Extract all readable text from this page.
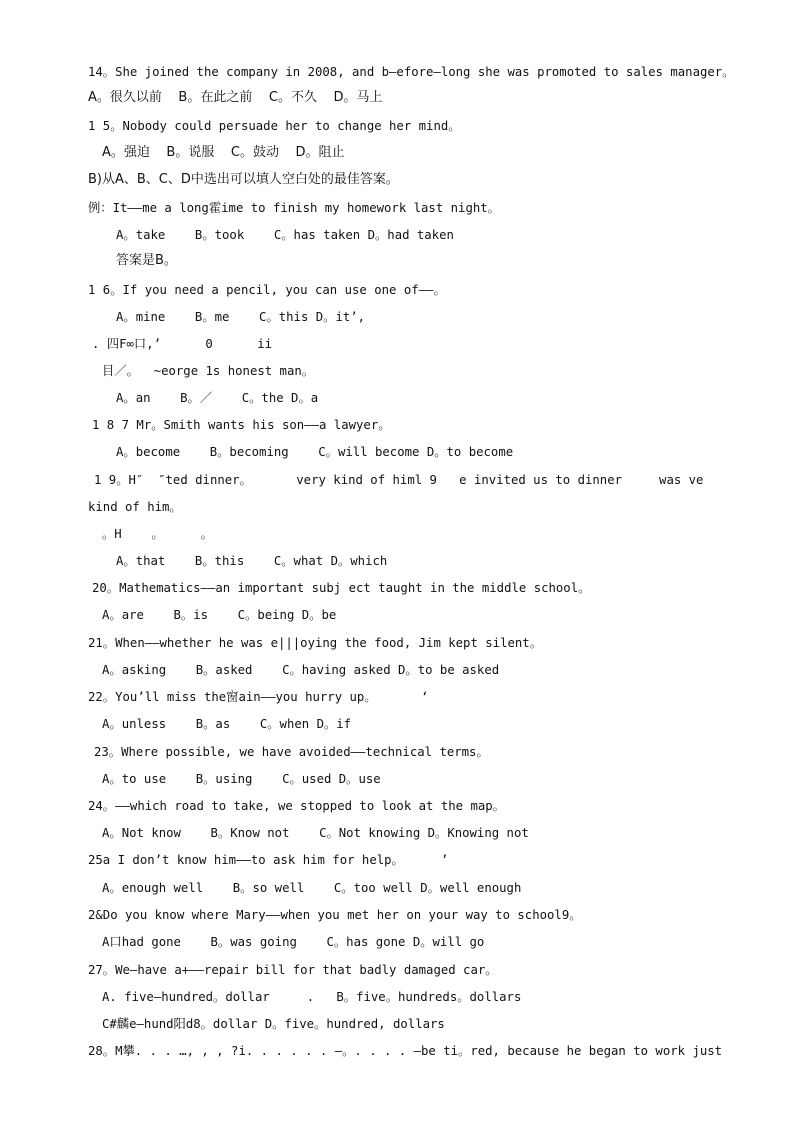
14。She joined the company in 2008, and b—efore—long she was promoted to sales manager。
A。很久以前    B。在此之前    C。不久    D。马上
1 5。Nobody could persuade her to change her mind。
A。强迫    B。说服    C。鼓动    D。阻止
B)从A、B、C、D中选出可以填人空白处的最佳答案。
例：It——me a long霍ime to finish my homework last night。
A。take    B。took    C。has taken D。had taken
答案是B。
1 6。If you need a pencil, you can use one of——。
A。mine    B。me    C。this D。it’,
. 四F∞口,’      0      ii
目／。  ~eorge 1s honest man。
A。an    B。／    C。the D。a
1 8 7 Mr。Smith wants his son——a lawyer。
A。become    B。becoming    C。will become D。to become
1 9。H″  ″ted dinner。      very kind of himl 9   e invited us to dinner     was ve
kind of him。
。H    。     。
A。that    B。this    C。what D。which
20。Mathematics——an important subj ect taught in the middle school。
A。are    B。is    C。being D。be
21。When——whether he was e|||oying the food, Jim kept silent。
A。asking    B。asked    C。having asked D。to be asked
22。You’ll miss the窗ain——you hurry up。      ‘
A。unless    B。as    C。when D。if
23。Where possible, we have avoided——technical terms。
A。to use    B。using    C。used D。use
24。——which road to take, we stopped to look at the map。
A。Not know    B。Know not    C。Not knowing D。Knowing not
25a I don’t know him——to ask him for help。     ’
A。enough well    B。so well    C。too well D。well enough
2&Do you know where Mary——when you met her on your way to school9。
A口had gone    B。was going    C。has gone D。will go
27。We—have a+——repair bill for that badly damaged car。
A. five—hundred。dollar     .   B。five。hundreds。dollars
C#麟e—hund阳d8。dollar D。five。hundred, dollars
28。M攀. . . …, , , ?i. . . . . . —。. . . . —be ti。red, because he began to work just
